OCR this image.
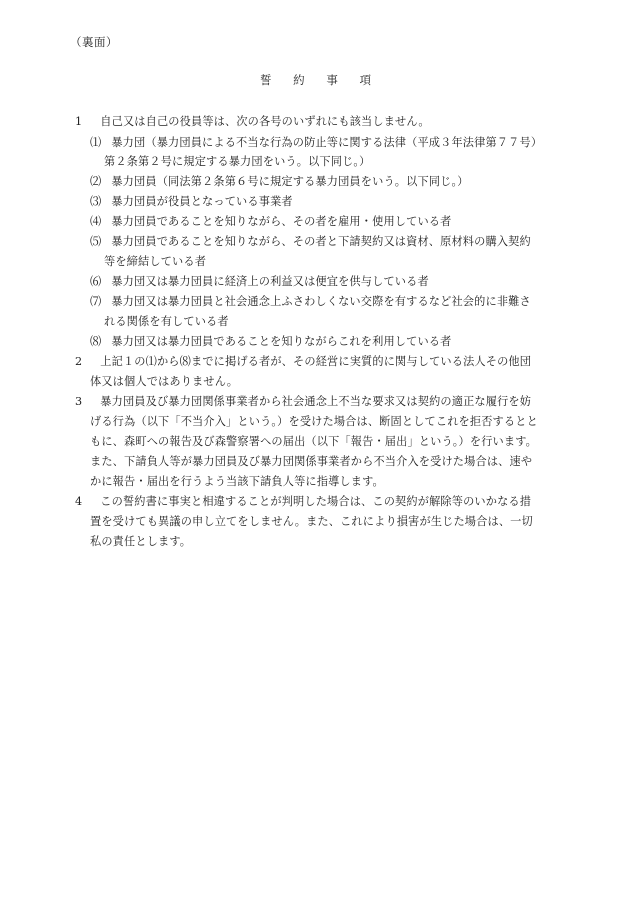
（裏面）
誓 約 事 項
1 自己又は自己の役員等は、次の各号のいずれにも該当しません。
⑴ 暴力団（暴力団員による不当な行為の防止等に関する法律（平成３年法律第７７号）
第２条第２号に規定する暴力団をいう。以下同じ。）
⑵ 暴力団員（同法第２条第６号に規定する暴力団員をいう。以下同じ。）
⑶ 暴力団員が役員となっている事業者
⑷ 暴力団員であることを知りながら、その者を雇用・使用している者
⑸ 暴力団員であることを知りながら、その者と下請契約又は資材、原材料の購入契約
等を締結している者
⑹ 暴力団又は暴力団員に経済上の利益又は便宜を供与している者
⑺ 暴力団又は暴力団員と社会通念上ふさわしくない交際を有するなど社会的に非難さ
れる関係を有している者
⑻ 暴力団又は暴力団員であることを知りながらこれを利用している者
2 上記１の⑴から⑻までに掲げる者が、その経営に実質的に関与している法人その他団
体又は個人ではありません。
3 暴力団員及び暴力団関係事業者から社会通念上不当な要求又は契約の適正な履行を妨
げる行為（以下「不当介入」という。）を受けた場合は、断固としてこれを拒否するとと
もに、森町への報告及び森警察署への届出（以下「報告・届出」という。）を行います。
また、下請負人等が暴力団員及び暴力団関係事業者から不当介入を受けた場合は、速や
かに報告・届出を行うよう当該下請負人等に指導します。
4 この誓約書に事実と相違することが判明した場合は、この契約が解除等のいかなる措
置を受けても異議の申し立てをしません。また、これにより損害が生じた場合は、一切
私の責任とします。
